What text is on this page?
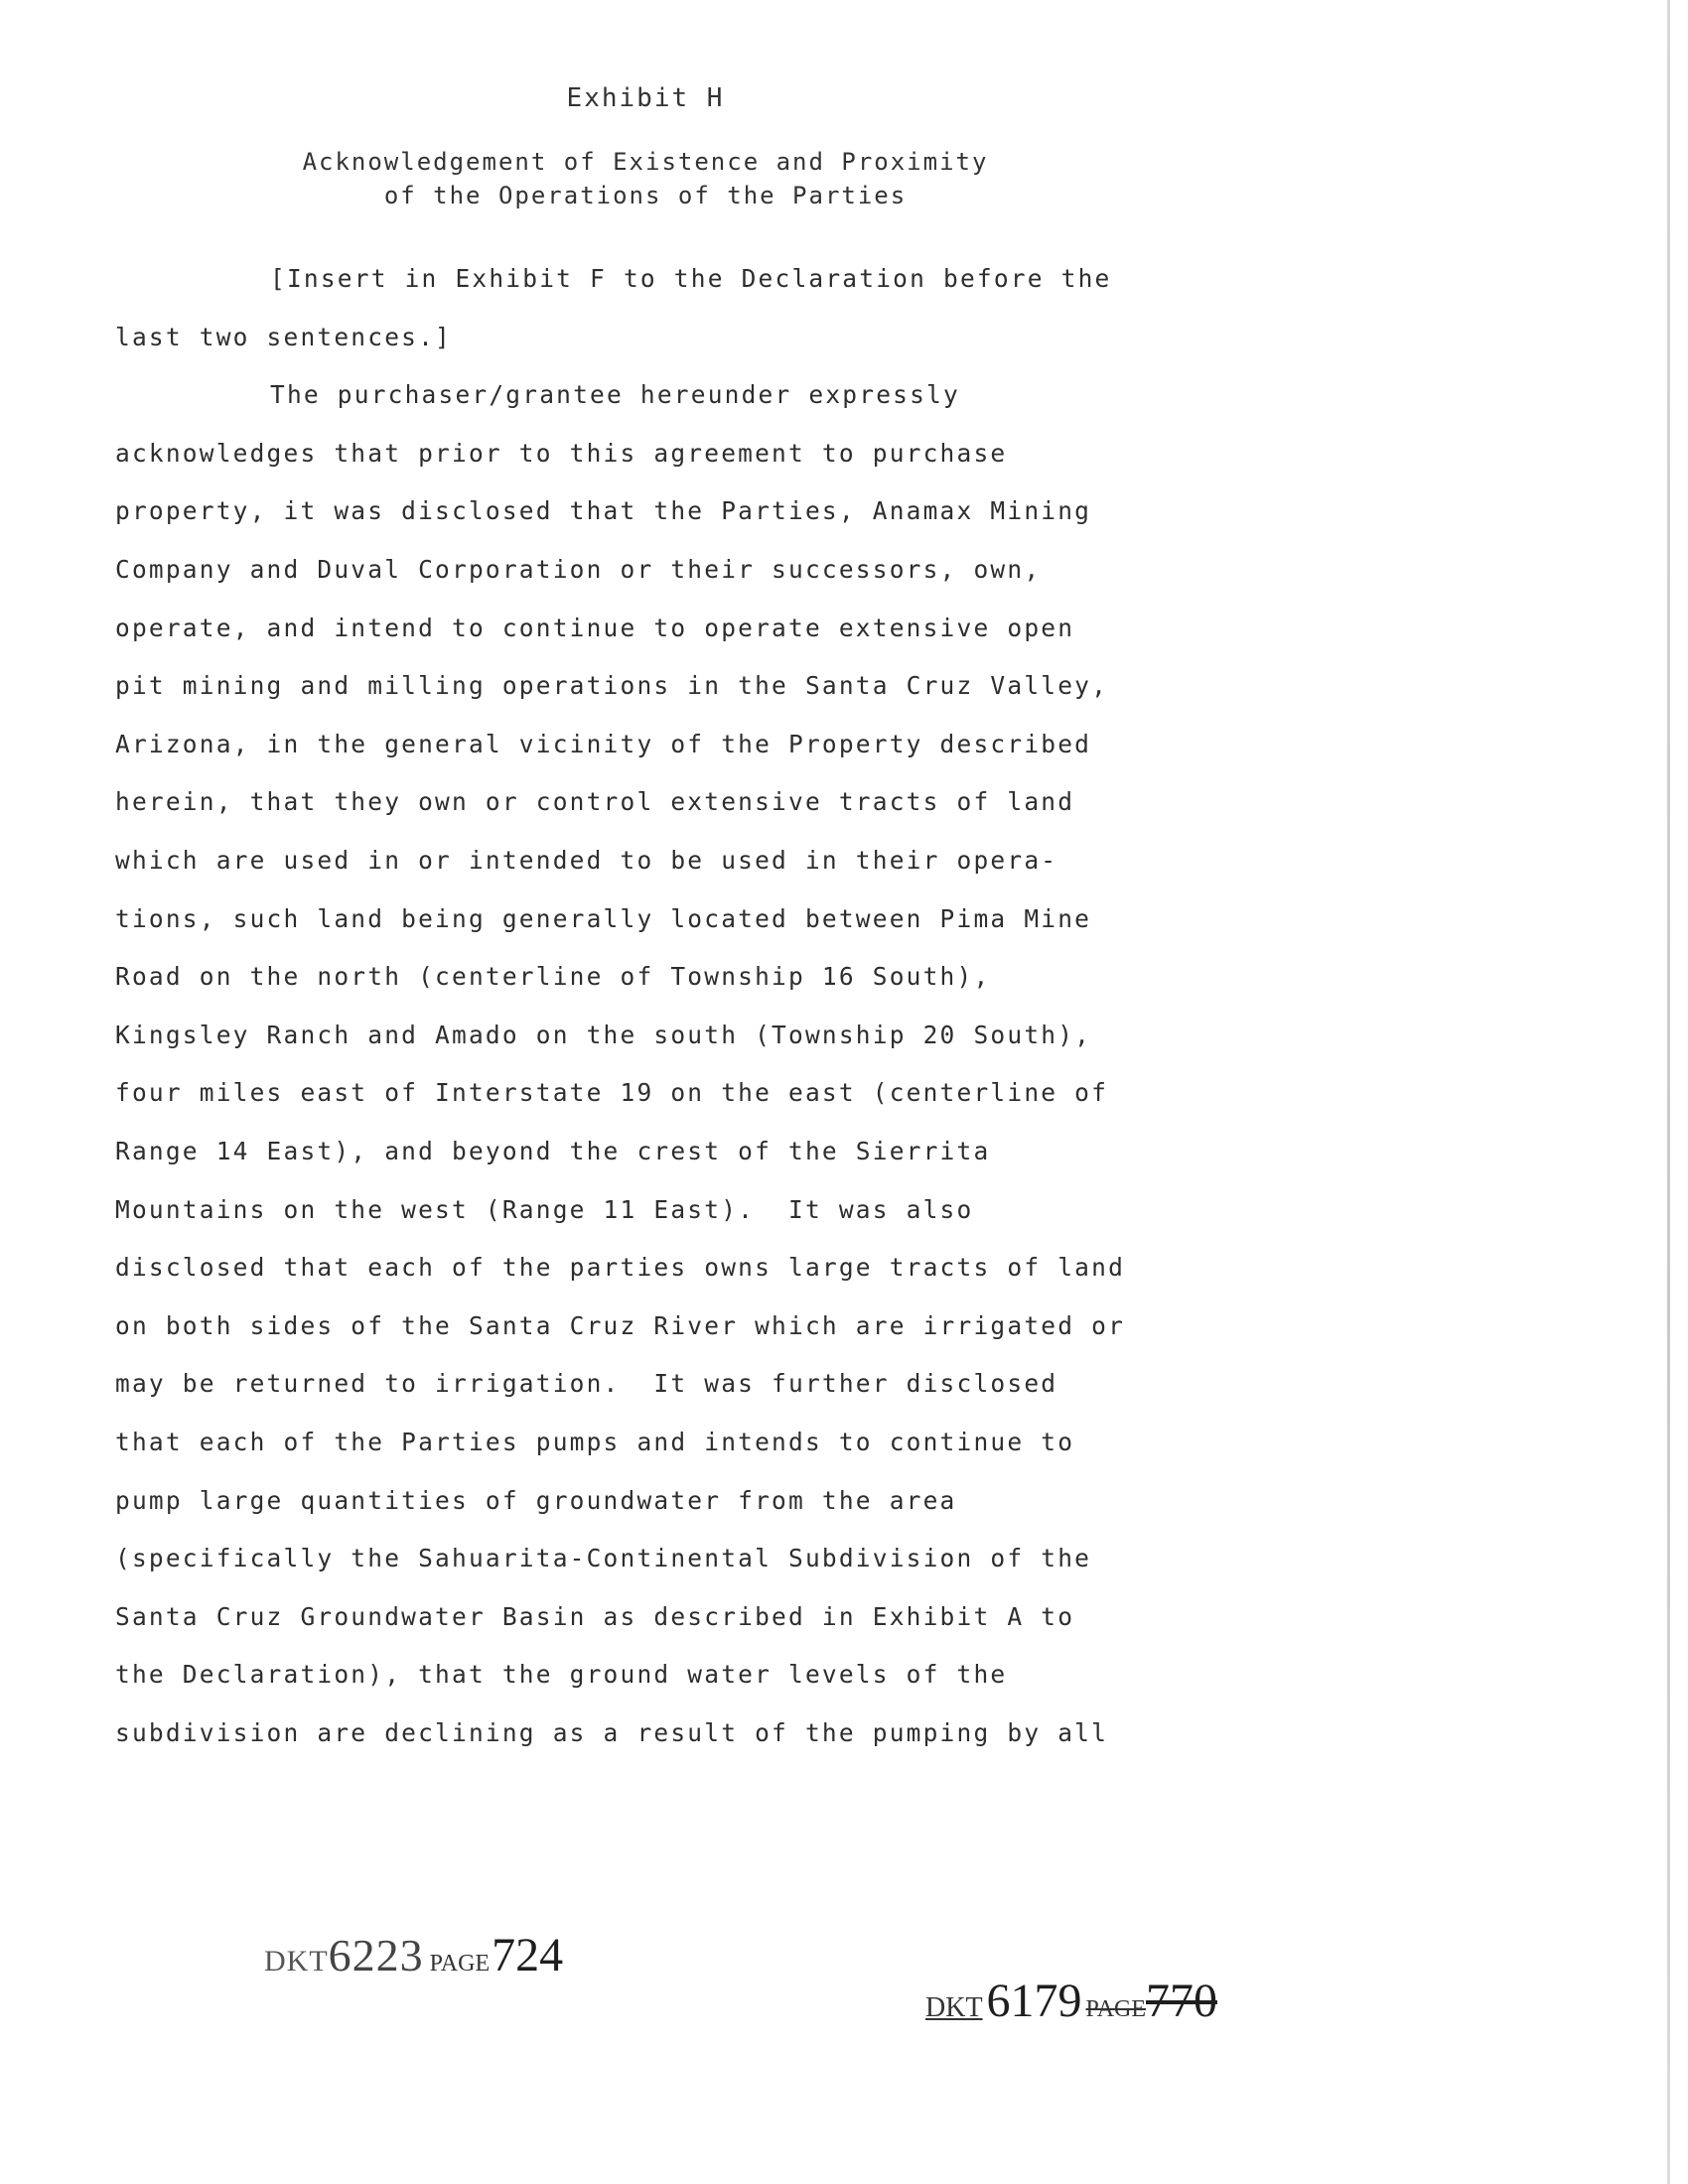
Exhibit H
Acknowledgement of Existence and Proximity
of the Operations of the Parties
[Insert in Exhibit F to the Declaration before the
last two sentences.]
The purchaser/grantee hereunder expressly
acknowledges that prior to this agreement to purchase
property, it was disclosed that the Parties, Anamax Mining
Company and Duval Corporation or their successors, own,
operate, and intend to continue to operate extensive open
pit mining and milling operations in the Santa Cruz Valley,
Arizona, in the general vicinity of the Property described
herein, that they own or control extensive tracts of land
which are used in or intended to be used in their opera-
tions, such land being generally located between Pima Mine
Road on the north (centerline of Township 16 South),
Kingsley Ranch and Amado on the south (Township 20 South),
four miles east of Interstate 19 on the east (centerline of
Range 14 East), and beyond the crest of the Sierrita
Mountains on the west (Range 11 East).  It was also
disclosed that each of the parties owns large tracts of land
on both sides of the Santa Cruz River which are irrigated or
may be returned to irrigation.  It was further disclosed
that each of the Parties pumps and intends to continue to
pump large quantities of groundwater from the area
(specifically the Sahuarita-Continental Subdivision of the
Santa Cruz Groundwater Basin as described in Exhibit A to
the Declaration), that the ground water levels of the
subdivision are declining as a result of the pumping by all
DKT6223 PAGE724
DKT6179 PAGE770
